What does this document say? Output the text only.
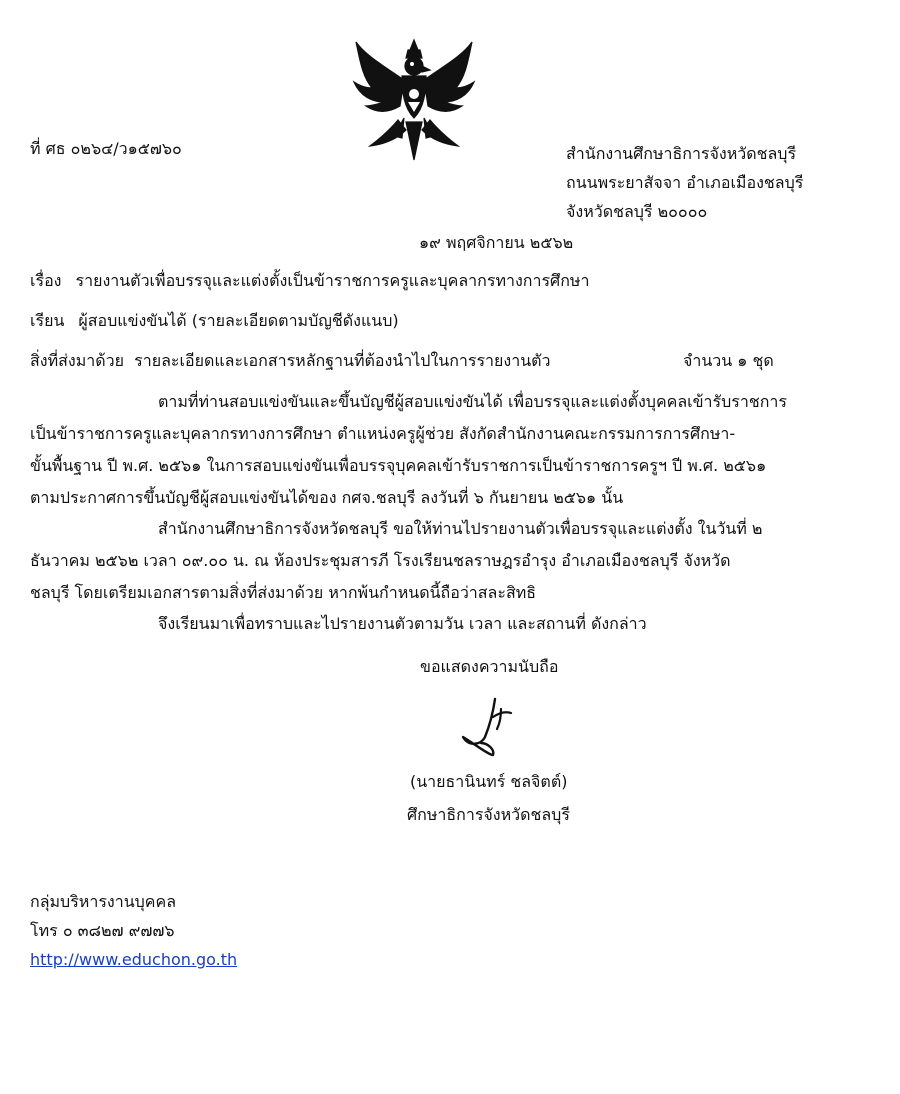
ที่ ศธ ๐๒๖๔/ว๑๕๗๖๐	สำนักงานศึกษาธิการจังหวัดชลบุรี
ถนนพระยาสัจจา อำเภอเมืองชลบุรี
จังหวัดชลบุรี ๒๐๐๐๐
๑๙ พฤศจิกายน ๒๕๖๒
เรื่อง รายงานตัวเพื่อบรรจุและแต่งตั้งเป็นข้าราชการครูและบุคลากรทางการศึกษา
เรียน ผู้สอบแข่งขันได้ (รายละเอียดตามบัญชีดังแนบ)
สิ่งที่ส่งมาด้วย รายละเอียดและเอกสารหลักฐานที่ต้องนำไปในการรายงานตัว	จำนวน ๑ ชุด
ตามที่ท่านสอบแข่งขันและขึ้นบัญชีผู้สอบแข่งขันได้ เพื่อบรรจุและแต่งตั้งบุคคลเข้ารับราชการ
เป็นข้าราชการครูและบุคลากรทางการศึกษา ตำแหน่งครูผู้ช่วย สังกัดสำนักงานคณะกรรมการการศึกษา-
ขั้นพื้นฐาน ปี พ.ศ. ๒๕๖๑ ในการสอบแข่งขันเพื่อบรรจุบุคคลเข้ารับราชการเป็นข้าราชการครูฯ ปี พ.ศ. ๒๕๖๑
ตามประกาศการขึ้นบัญชีผู้สอบแข่งขันได้ของ กศจ.ชลบุรี ลงวันที่ ๖ กันยายน ๒๕๖๑ นั้น
สำนักงานศึกษาธิการจังหวัดชลบุรี ขอให้ท่านไปรายงานตัวเพื่อบรรจุและแต่งตั้ง ในวันที่ ๒
ธันวาคม ๒๕๖๒ เวลา ๐๙.๐๐ น. ณ ห้องประชุมสารภี โรงเรียนชลราษฎรอำรุง อำเภอเมืองชลบุรี จังหวัด
ชลบุรี โดยเตรียมเอกสารตามสิ่งที่ส่งมาด้วย หากพ้นกำหนดนี้ถือว่าสละสิทธิ
จึงเรียนมาเพื่อทราบและไปรายงานตัวตามวัน เวลา และสถานที่ ดังกล่าว
ขอแสดงความนับถือ
(นายธานินทร์ ชลจิตต์)
ศึกษาธิการจังหวัดชลบุรี
กลุ่มบริหารงานบุคคล
โทร ๐ ๓๘๒๗ ๙๗๗๖
http://www.educhon.go.th
